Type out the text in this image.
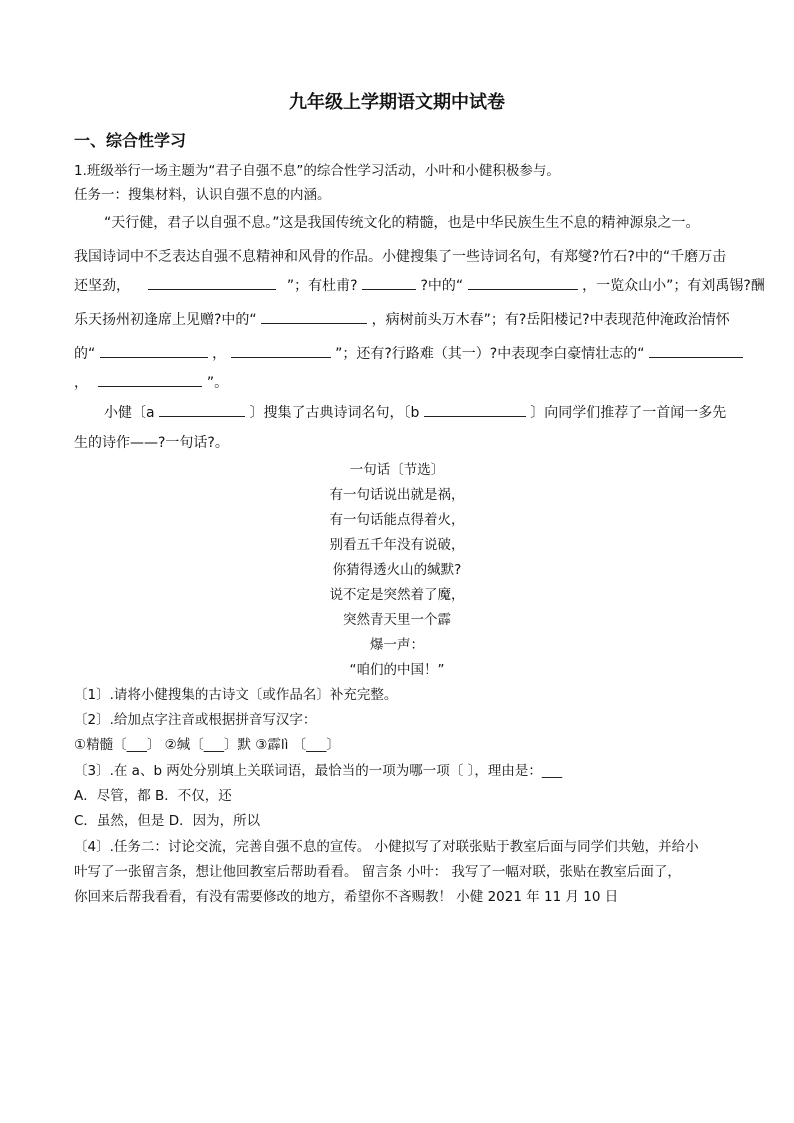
九年级上学期语文期中试卷
一、综合性学习
1.班级举行一场主题为“君子自强不息”的综合性学习活动，小叶和小健积极参与。
任务一：搜集材料，认识自强不息的内涵。
“天行健，君子以自强不息。”这是我国传统文化的精髓，也是中华民族生生不息的精神源泉之一。
我国诗词中不乏表达自强不息精神和风骨的作品。小健搜集了一些诗词名句，有郑燮?竹石?中的“千磨万击
还坚劲，	”；有杜甫?	?中的“	，一览众山小”；有刘禹锡?酬
乐天扬州初逢席上见赠?中的“	，病树前头万木春”；有?岳阳楼记?中表现范仲淹政治情怀
的“	，	”；还有?行路难（其一）?中表现李白豪情壮志的“
，	”。
小健〔a	〕搜集了古典诗词名句，〔b	〕向同学们推荐了一首闻一多先
生的诗作——?一句话?。
一句话〔节选〕
有一句话说出就是祸，
有一句话能点得着火，
别看五千年没有说破，
你猜得透火山的缄默?
说不定是突然着了魔，
突然青天里一个霹
爆一声：
“咱们的中国！”
〔1〕.请将小健搜集的古诗文〔或作品名〕补充完整。
〔2〕.给加点字注音或根据拼音写汉字：
①精髓〔___〕 ②缄〔___〕默 ③霹lì 〔___〕
〔3〕.在 a、b 两处分别填上关联词语，最恰当的一项为哪一项〔 〕，理由是：___
A．尽管，都 B．不仅，还
C．虽然，但是 D．因为，所以
〔4〕.任务二：讨论交流，完善自强不息的宣传。 小健拟写了对联张贴于教室后面与同学们共勉，并给小
叶写了一张留言条，想让他回教室后帮助看看。 留言条 小叶： 我写了一幅对联，张贴在教室后面了，
你回来后帮我看看，有没有需要修改的地方，希望你不吝赐教！ 小健 2021 年 11 月 10 日
